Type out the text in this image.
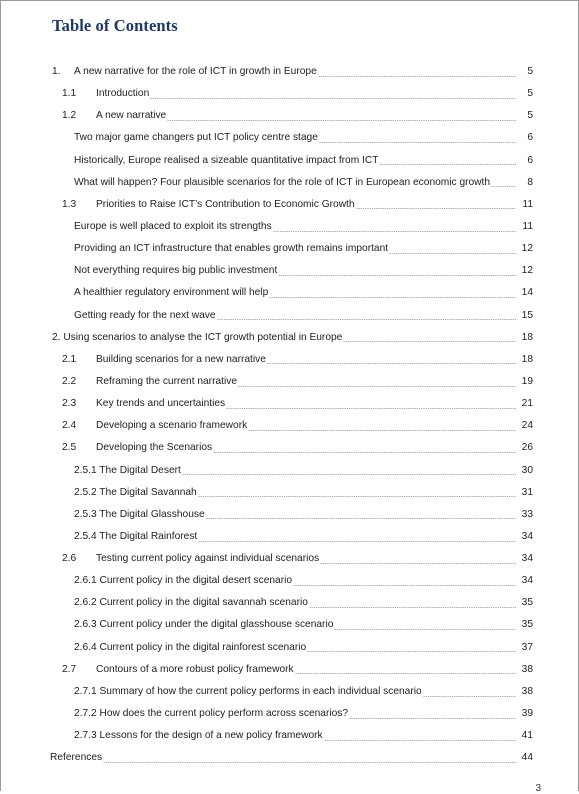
Table of Contents
1.	A new narrative for the role of ICT in growth in Europe	5
1.1	Introduction	5
1.2	A new narrative	5
Two major game changers put ICT policy centre stage	6
Historically, Europe realised a sizeable quantitative impact from ICT	6
What will happen? Four plausible scenarios for the role of ICT in European economic growth	8
1.3	Priorities to Raise ICT’s Contribution to Economic Growth	11
Europe is well placed to exploit its strengths	11
Providing an ICT infrastructure that enables growth remains important	12
Not everything requires big public investment	12
A healthier regulatory environment will help	14
Getting ready for the next wave	15
2. Using scenarios to analyse the ICT growth potential in Europe	18
2.1	Building scenarios for a new narrative	18
2.2	Reframing the current narrative	19
2.3	Key trends and uncertainties	21
2.4	Developing a scenario framework	24
2.5	Developing the Scenarios	26
2.5.1 The Digital Desert	30
2.5.2 The Digital Savannah	31
2.5.3 The Digital Glasshouse	33
2.5.4 The Digital Rainforest	34
2.6	Testing current policy against individual scenarios	34
2.6.1 Current policy in the digital desert scenario	34
2.6.2 Current policy in the digital savannah scenario	35
2.6.3 Current policy under the digital glasshouse scenario	35
2.6.4 Current policy in the digital rainforest scenario	37
2.7	Contours of a more robust policy framework	38
2.7.1 Summary of how the current policy performs in each individual scenario	38
2.7.2 How does the current policy perform across scenarios?	39
2.7.3 Lessons for the design of a new policy framework	41
References	44
3
